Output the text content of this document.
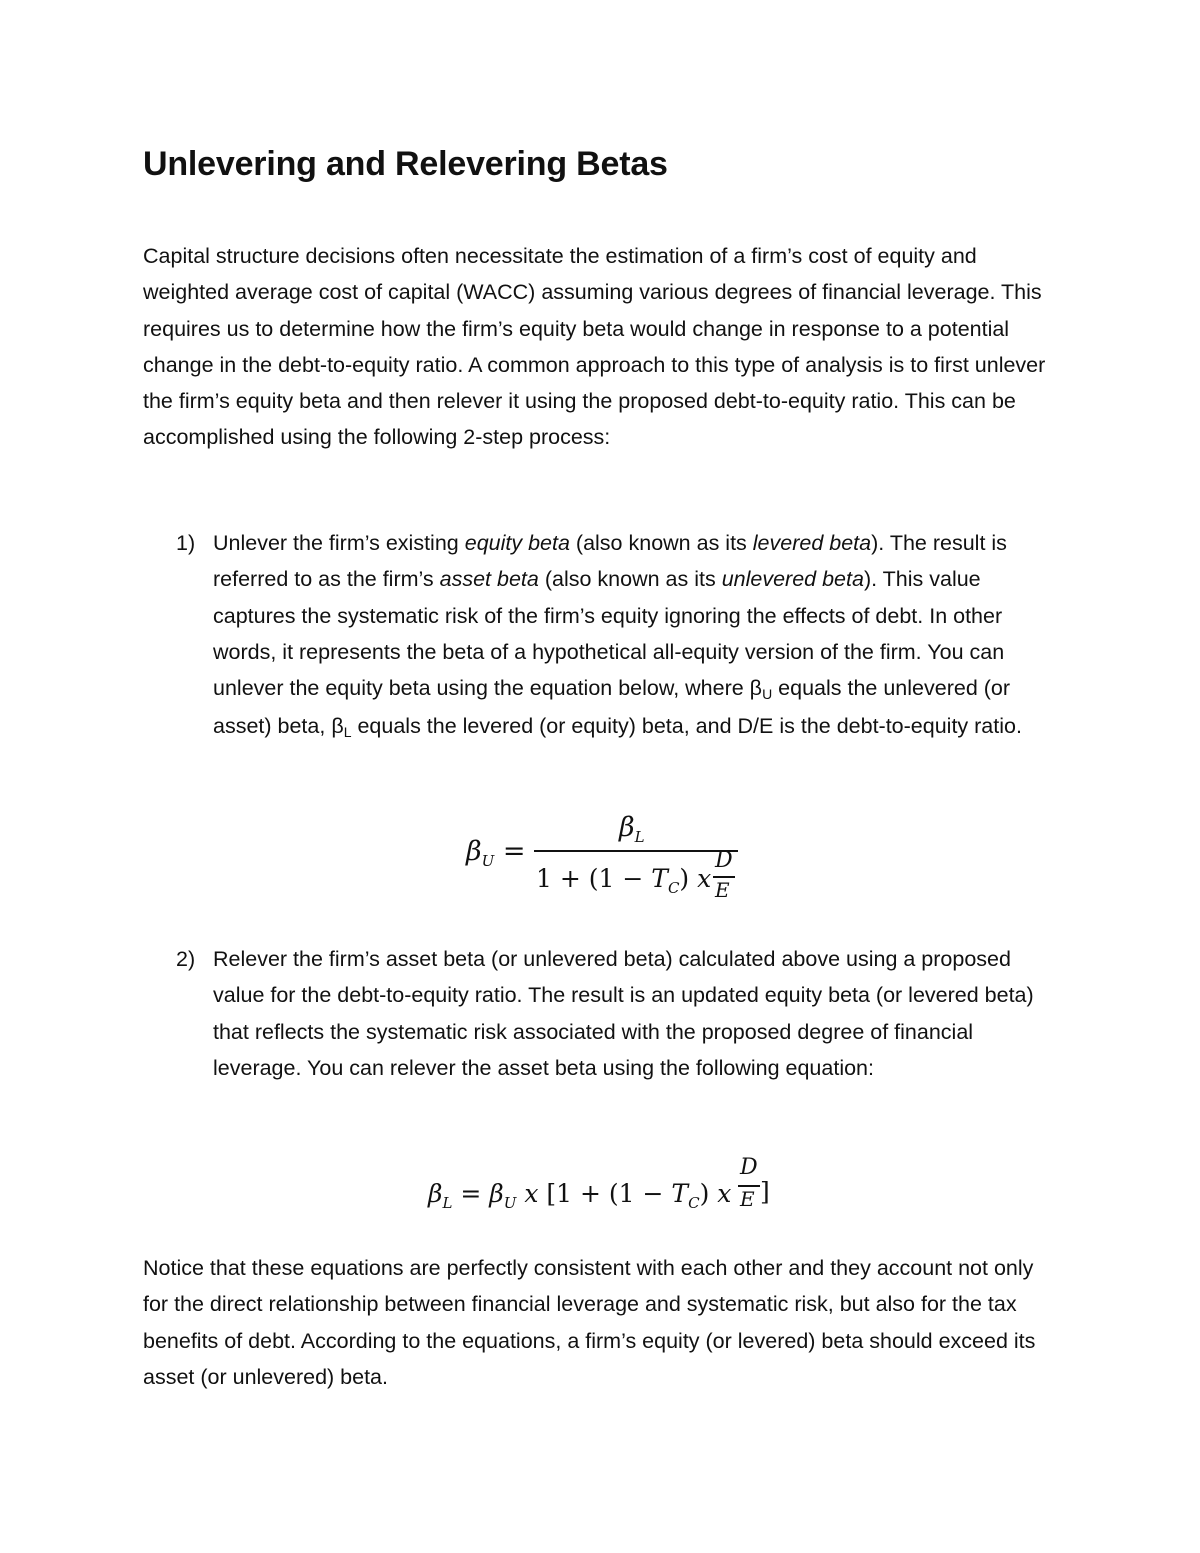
Unlevering and Relevering Betas

Capital structure decisions often necessitate the estimation of a firm’s cost of equity and weighted average cost of capital (WACC) assuming various degrees of financial leverage. This requires us to determine how the firm’s equity beta would change in response to a potential change in the debt-to-equity ratio. A common approach to this type of analysis is to first unlever the firm’s equity beta and then relever it using the proposed debt-to-equity ratio. This can be accomplished using the following 2-step process:

1) Unlever the firm’s existing equity beta (also known as its levered beta). The result is referred to as the firm’s asset beta (also known as its unlevered beta). This value captures the systematic risk of the firm’s equity ignoring the effects of debt. In other words, it represents the beta of a hypothetical all-equity version of the firm. You can unlever the equity beta using the equation below, where βU equals the unlevered (or asset) beta, βL equals the levered (or equity) beta, and D/E is the debt-to-equity ratio.
2) Relever the firm’s asset beta (or unlevered beta) calculated above using a proposed value for the debt-to-equity ratio. The result is an updated equity beta (or levered beta) that reflects the systematic risk associated with the proposed degree of financial leverage. You can relever the asset beta using the following equation:

Notice that these equations are perfectly consistent with each other and they account not only for the direct relationship between financial leverage and systematic risk, but also for the tax benefits of debt. According to the equations, a firm’s equity (or levered) beta should exceed its asset (or unlevered) beta.

$\beta_U$ =
$\beta_L$
$1 + (1 - T_C)$ x
D
E
$\beta_L = \beta_U$ x [$1 + (1 - T_C)$ x
D
E ]
